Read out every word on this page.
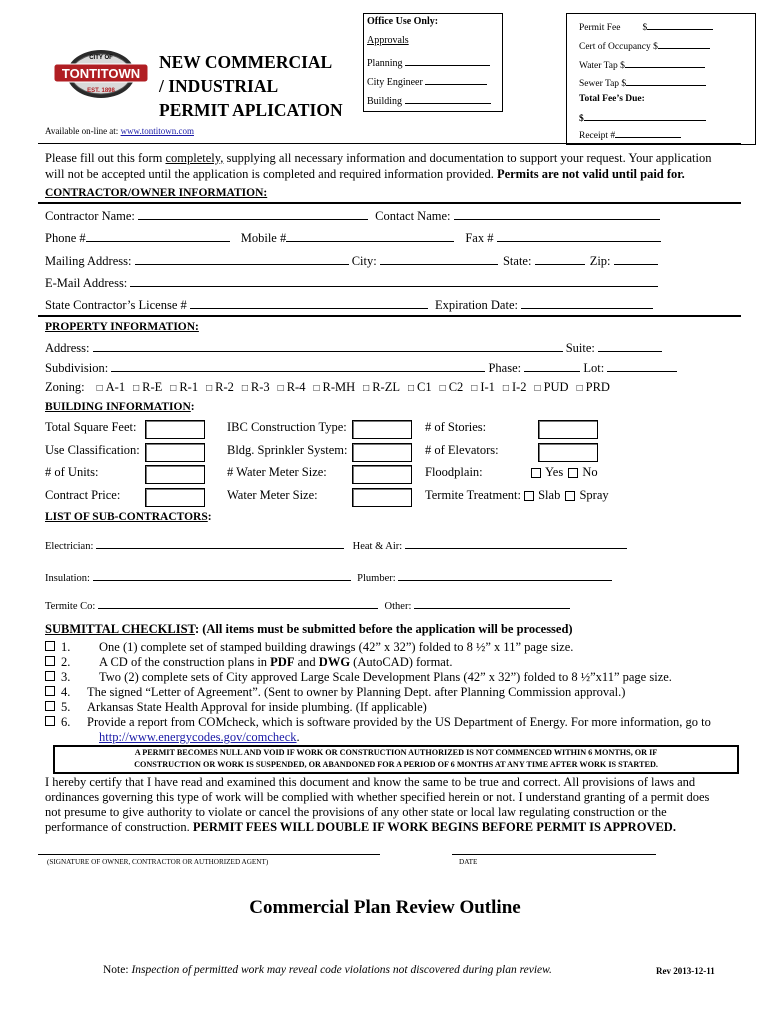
CITY OF
TONTITOWN
EST. 1898
NEW COMMERCIAL
/ INDUSTRIAL
PERMIT APLICATION
Available on-line at: www.tontitown.com
Office Use Only:
Approvals
Planning
City Engineer
Building
Permit Fee $
Cert of Occupancy $
Water Tap $
Sewer Tap $
Total Fee’s Due:
$
Receipt #
Please fill out this form completely, supplying all necessary information and documentation to support your request. Your application
will not be accepted until the application is completed and required information provided. Permits are not valid until paid for.
CONTRACTOR/OWNER INFORMATION:
Contractor Name:	Contact Name:
Phone #	Mobile #	Fax #
Mailing Address:	City:	State:	Zip:
E-Mail Address:
State Contractor’s License #	Expiration Date:
PROPERTY INFORMATION:
Address:	Suite:
Subdivision:	Phase:	Lot:
Zoning: □ A-1 □ R-E □ R-1 □ R-2 □ R-3 □ R-4 □ R-MH □ R-ZL □ C1 □ C2 □ I-1 □ I-2 □ PUD □ PRD
BUILDING INFORMATION:
Total Square Feet:	IBC Construction Type:	# of Stories:
Use Classification:	Bldg. Sprinkler System:	# of Elevators:
# of Units:	# Water Meter Size:	Floodplain:	Yes No
Contract Price:	Water Meter Size:	Termite Treatment: Slab Spray
LIST OF SUB-CONTRACTORS:
Electrician:	Heat & Air:
Insulation:	Plumber:
Termite Co:	Other:
SUBMITTAL CHECKLIST: (All items must be submitted before the application will be processed)
1. One (1) complete set of stamped building drawings (42” x 32”) folded to 8 ½” x 11” page size.
2. A CD of the construction plans in PDF and DWG (AutoCAD) format.
3. Two (2) complete sets of City approved Large Scale Development Plans (42” x 32”) folded to 8 ½”x11” page size.
4. The signed “Letter of Agreement”. (Sent to owner by Planning Dept. after Planning Commission approval.)
5. Arkansas State Health Approval for inside plumbing. (If applicable)
6. Provide a report from COMcheck, which is software provided by the US Department of Energy. For more information, go to
http://www.energycodes.gov/comcheck.
A PERMIT BECOMES NULL AND VOID IF WORK OR CONSTRUCTION AUTHORIZED IS NOT COMMENCED WITHIN 6 MONTHS, OR IF
CONSTRUCTION OR WORK IS SUSPENDED, OR ABANDONED FOR A PERIOD OF 6 MONTHS AT ANY TIME AFTER WORK IS STARTED.
I hereby certify that I have read and examined this document and know the same to be true and correct. All provisions of laws and
ordinances governing this type of work will be complied with whether specified herein or not. I understand granting of a permit does
not presume to give authority to violate or cancel the provisions of any other state or local law regulating construction or the
performance of construction. PERMIT FEES WILL DOUBLE IF WORK BEGINS BEFORE PERMIT IS APPROVED.
(SIGNATURE OF OWNER, CONTRACTOR OR AUTHORIZED AGENT)	DATE
Commercial Plan Review Outline
Note: Inspection of permitted work may reveal code violations not discovered during plan review.	Rev 2013-12-11
